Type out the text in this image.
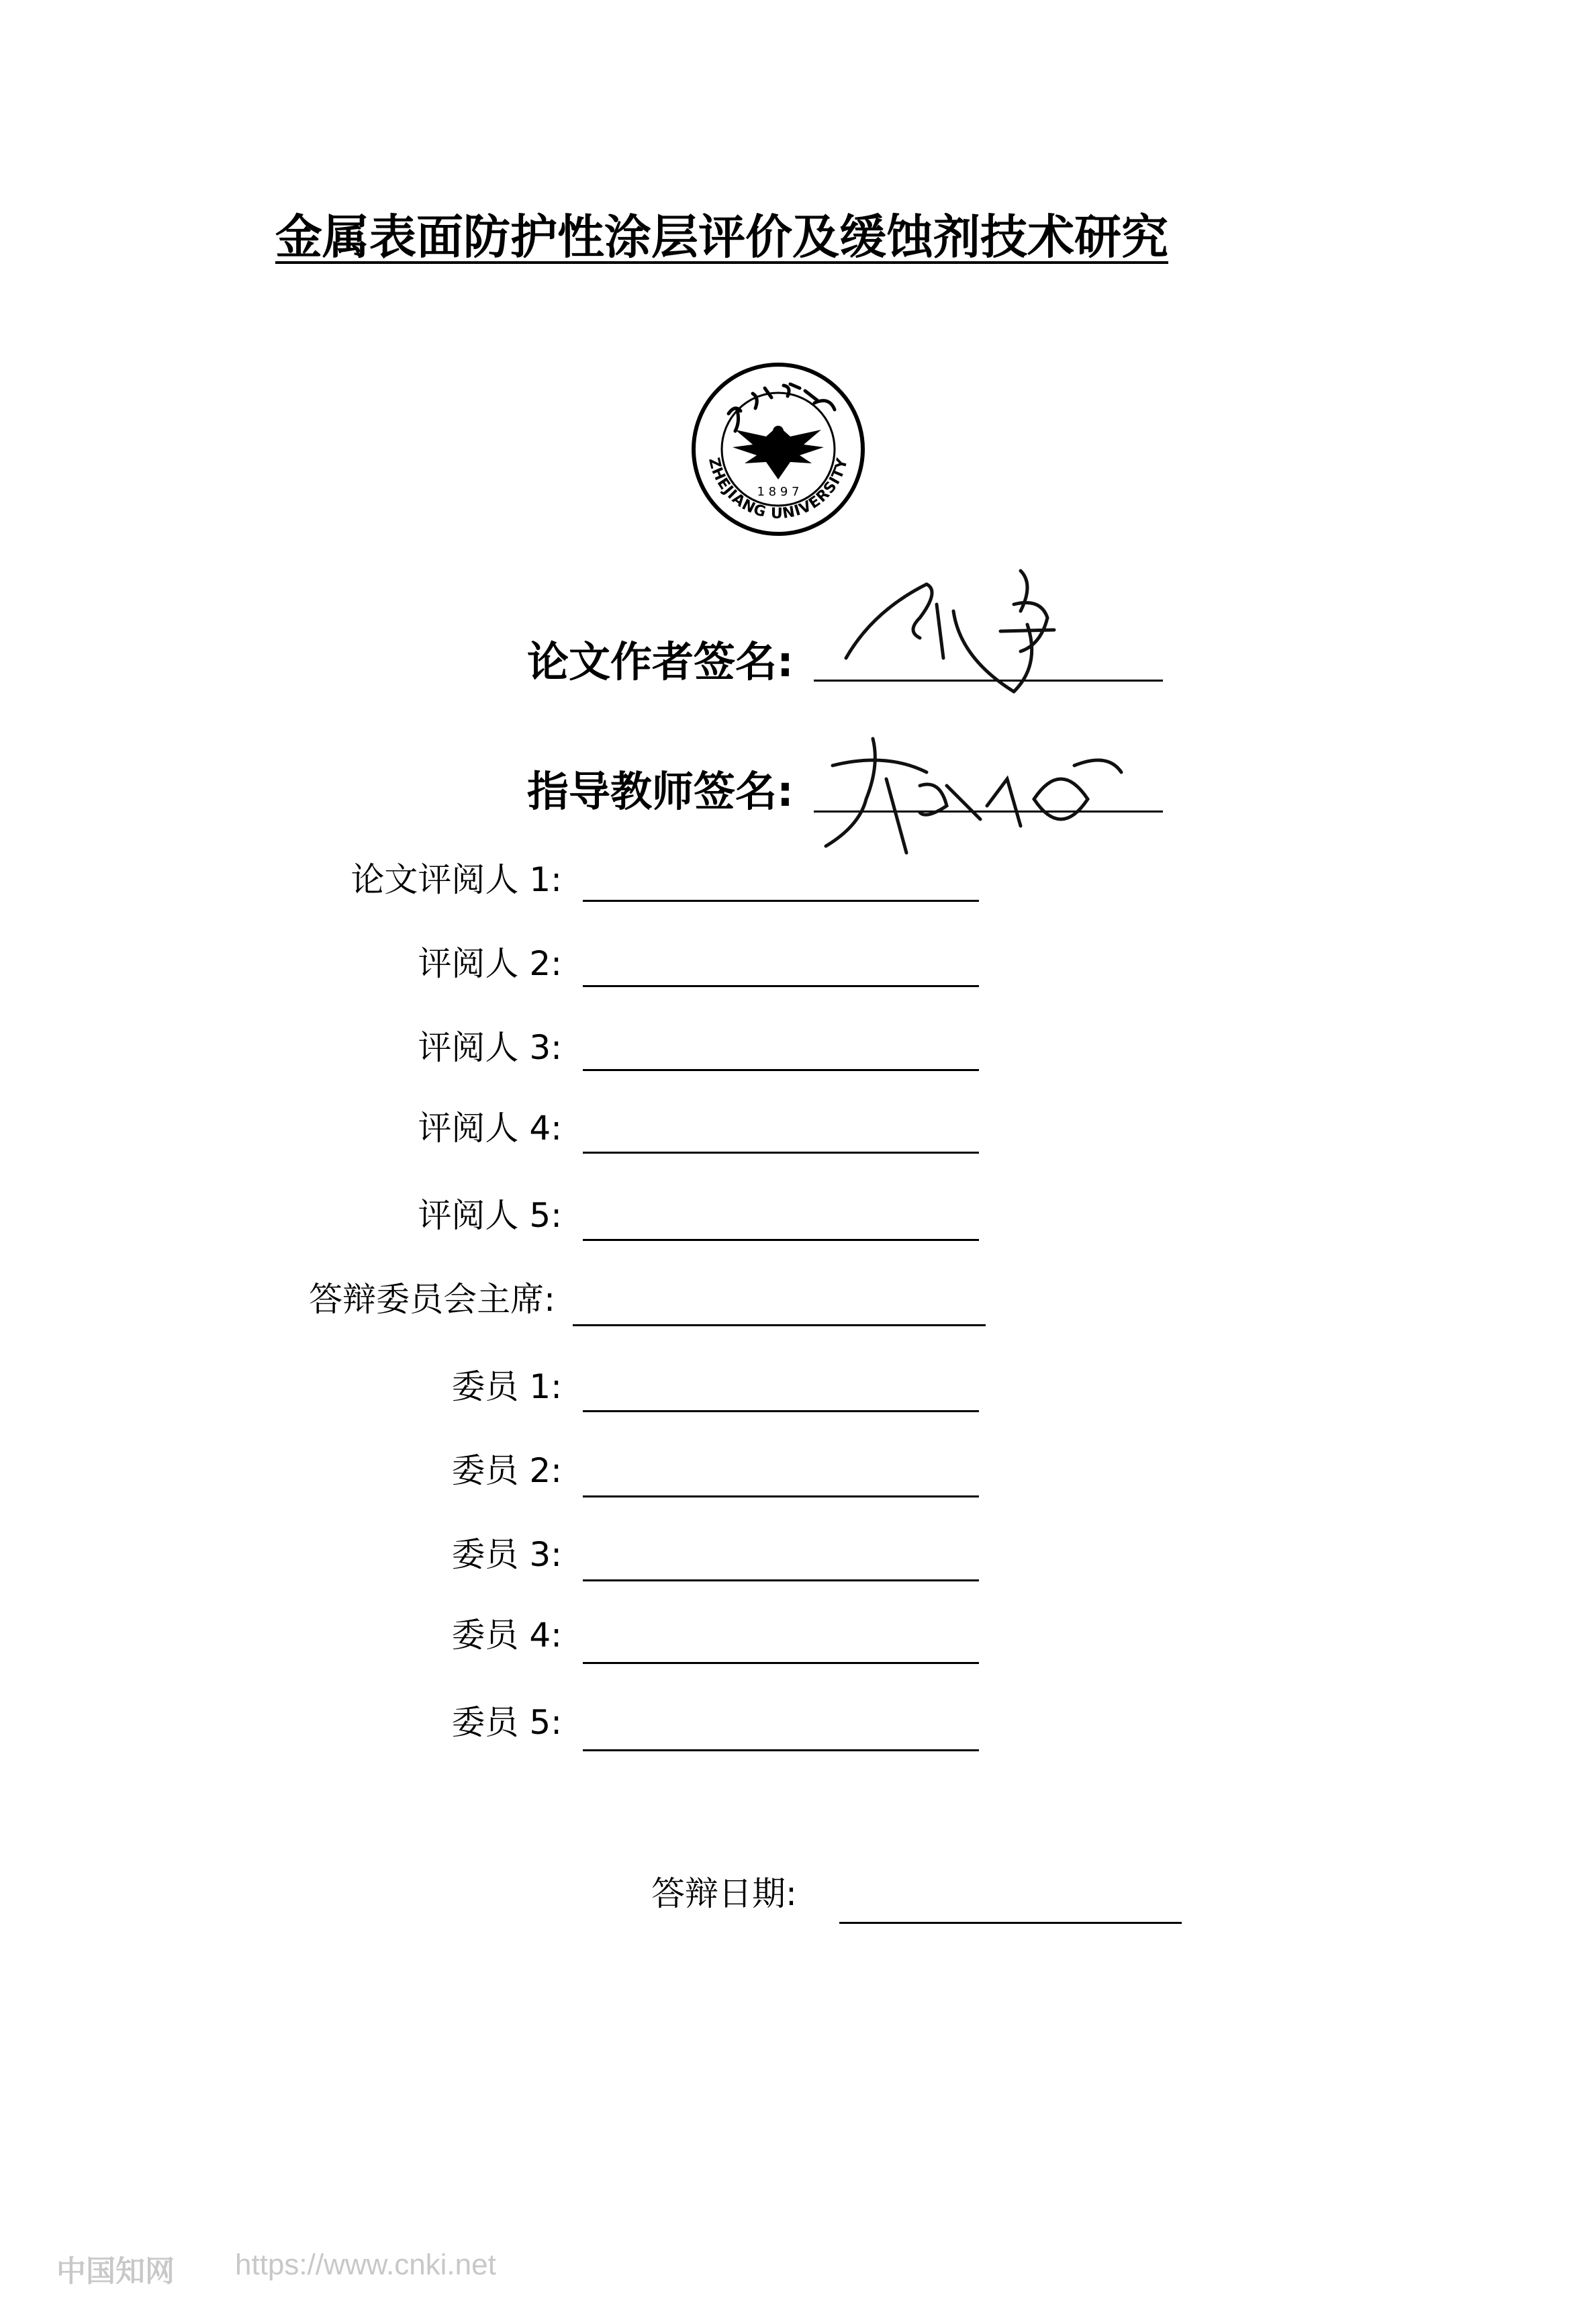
金属表面防护性涂层评价及缓蚀剂技术研究
1 8 9 7
ZHEJIANG UNIVERSITY
论文作者签名:
指导教师签名:
论文评阅人 1:
评阅人 2:
评阅人 3:
评阅人 4:
评阅人 5:
答辩委员会主席:
委员 1:
委员 2:
委员 3:
委员 4:
委员 5:
答辩日期:
中国知网 https://www.cnki.net
